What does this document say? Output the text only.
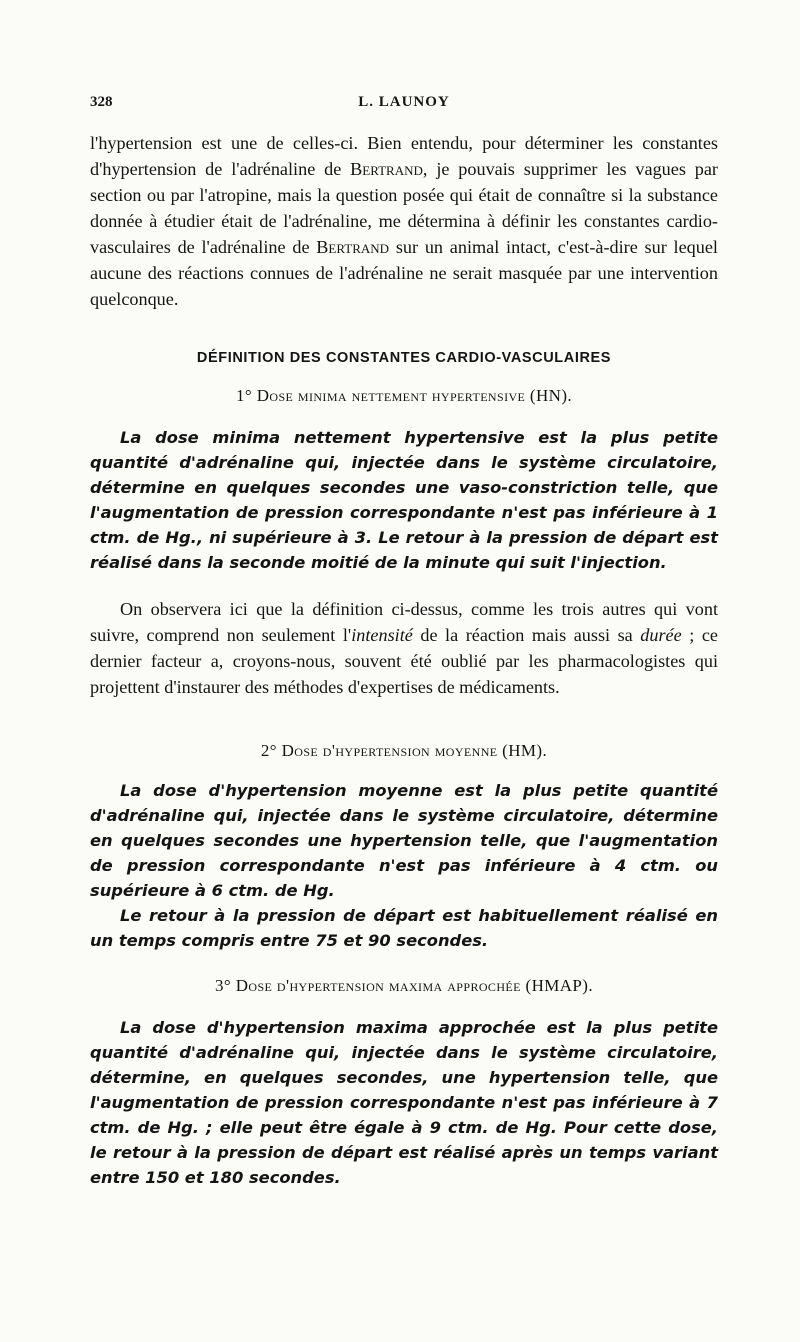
328	L. LAUNOY

l'hypertension est une de celles-ci. Bien entendu, pour déterminer les constantes d'hypertension de l'adrénaline de Bertrand, je pouvais supprimer les vagues par section ou par l'atropine, mais la question posée qui était de connaître si la substance donnée à étudier était de l'adrénaline, me détermina à définir les constantes cardio-vasculaires de l'adrénaline de Bertrand sur un animal intact, c'est-à-dire sur lequel aucune des réactions connues de l'adrénaline ne serait masquée par une intervention quelconque.

DÉFINITION DES CONSTANTES CARDIO-VASCULAIRES
1° Dose minima nettement hypertensive (HN).

La dose minima nettement hypertensive est la plus petite quantité d'adrénaline qui, injectée dans le système circulatoire, détermine en quelques secondes une vaso-constriction telle, que l'augmentation de pression correspondante n'est pas inférieure à 1 ctm. de Hg., ni supérieure à 3. Le retour à la pression de départ est réalisé dans la seconde moitié de la minute qui suit l'injection.

On observera ici que la définition ci-dessus, comme les trois autres qui vont suivre, comprend non seulement l'intensité de la réaction mais aussi sa durée ; ce dernier facteur a, croyons-nous, souvent été oublié par les pharmacologistes qui projettent d'instaurer des méthodes d'expertises de médicaments.

2° Dose d'hypertension moyenne (HM).

La dose d'hypertension moyenne est la plus petite quantité d'adrénaline qui, injectée dans le système circulatoire, détermine en quelques secondes une hypertension telle, que l'augmentation de pression correspondante n'est pas inférieure à 4 ctm. ou supérieure à 6 ctm. de Hg.

Le retour à la pression de départ est habituellement réalisé en un temps compris entre 75 et 90 secondes.

3° Dose d'hypertension maxima approchée (HMAP).

La dose d'hypertension maxima approchée est la plus petite quantité d'adrénaline qui, injectée dans le système circulatoire, détermine, en quelques secondes, une hypertension telle, que l'augmentation de pression correspondante n'est pas inférieure à 7 ctm. de Hg. ; elle peut être égale à 9 ctm. de Hg. Pour cette dose, le retour à la pression de départ est réalisé après un temps variant entre 150 et 180 secondes.
